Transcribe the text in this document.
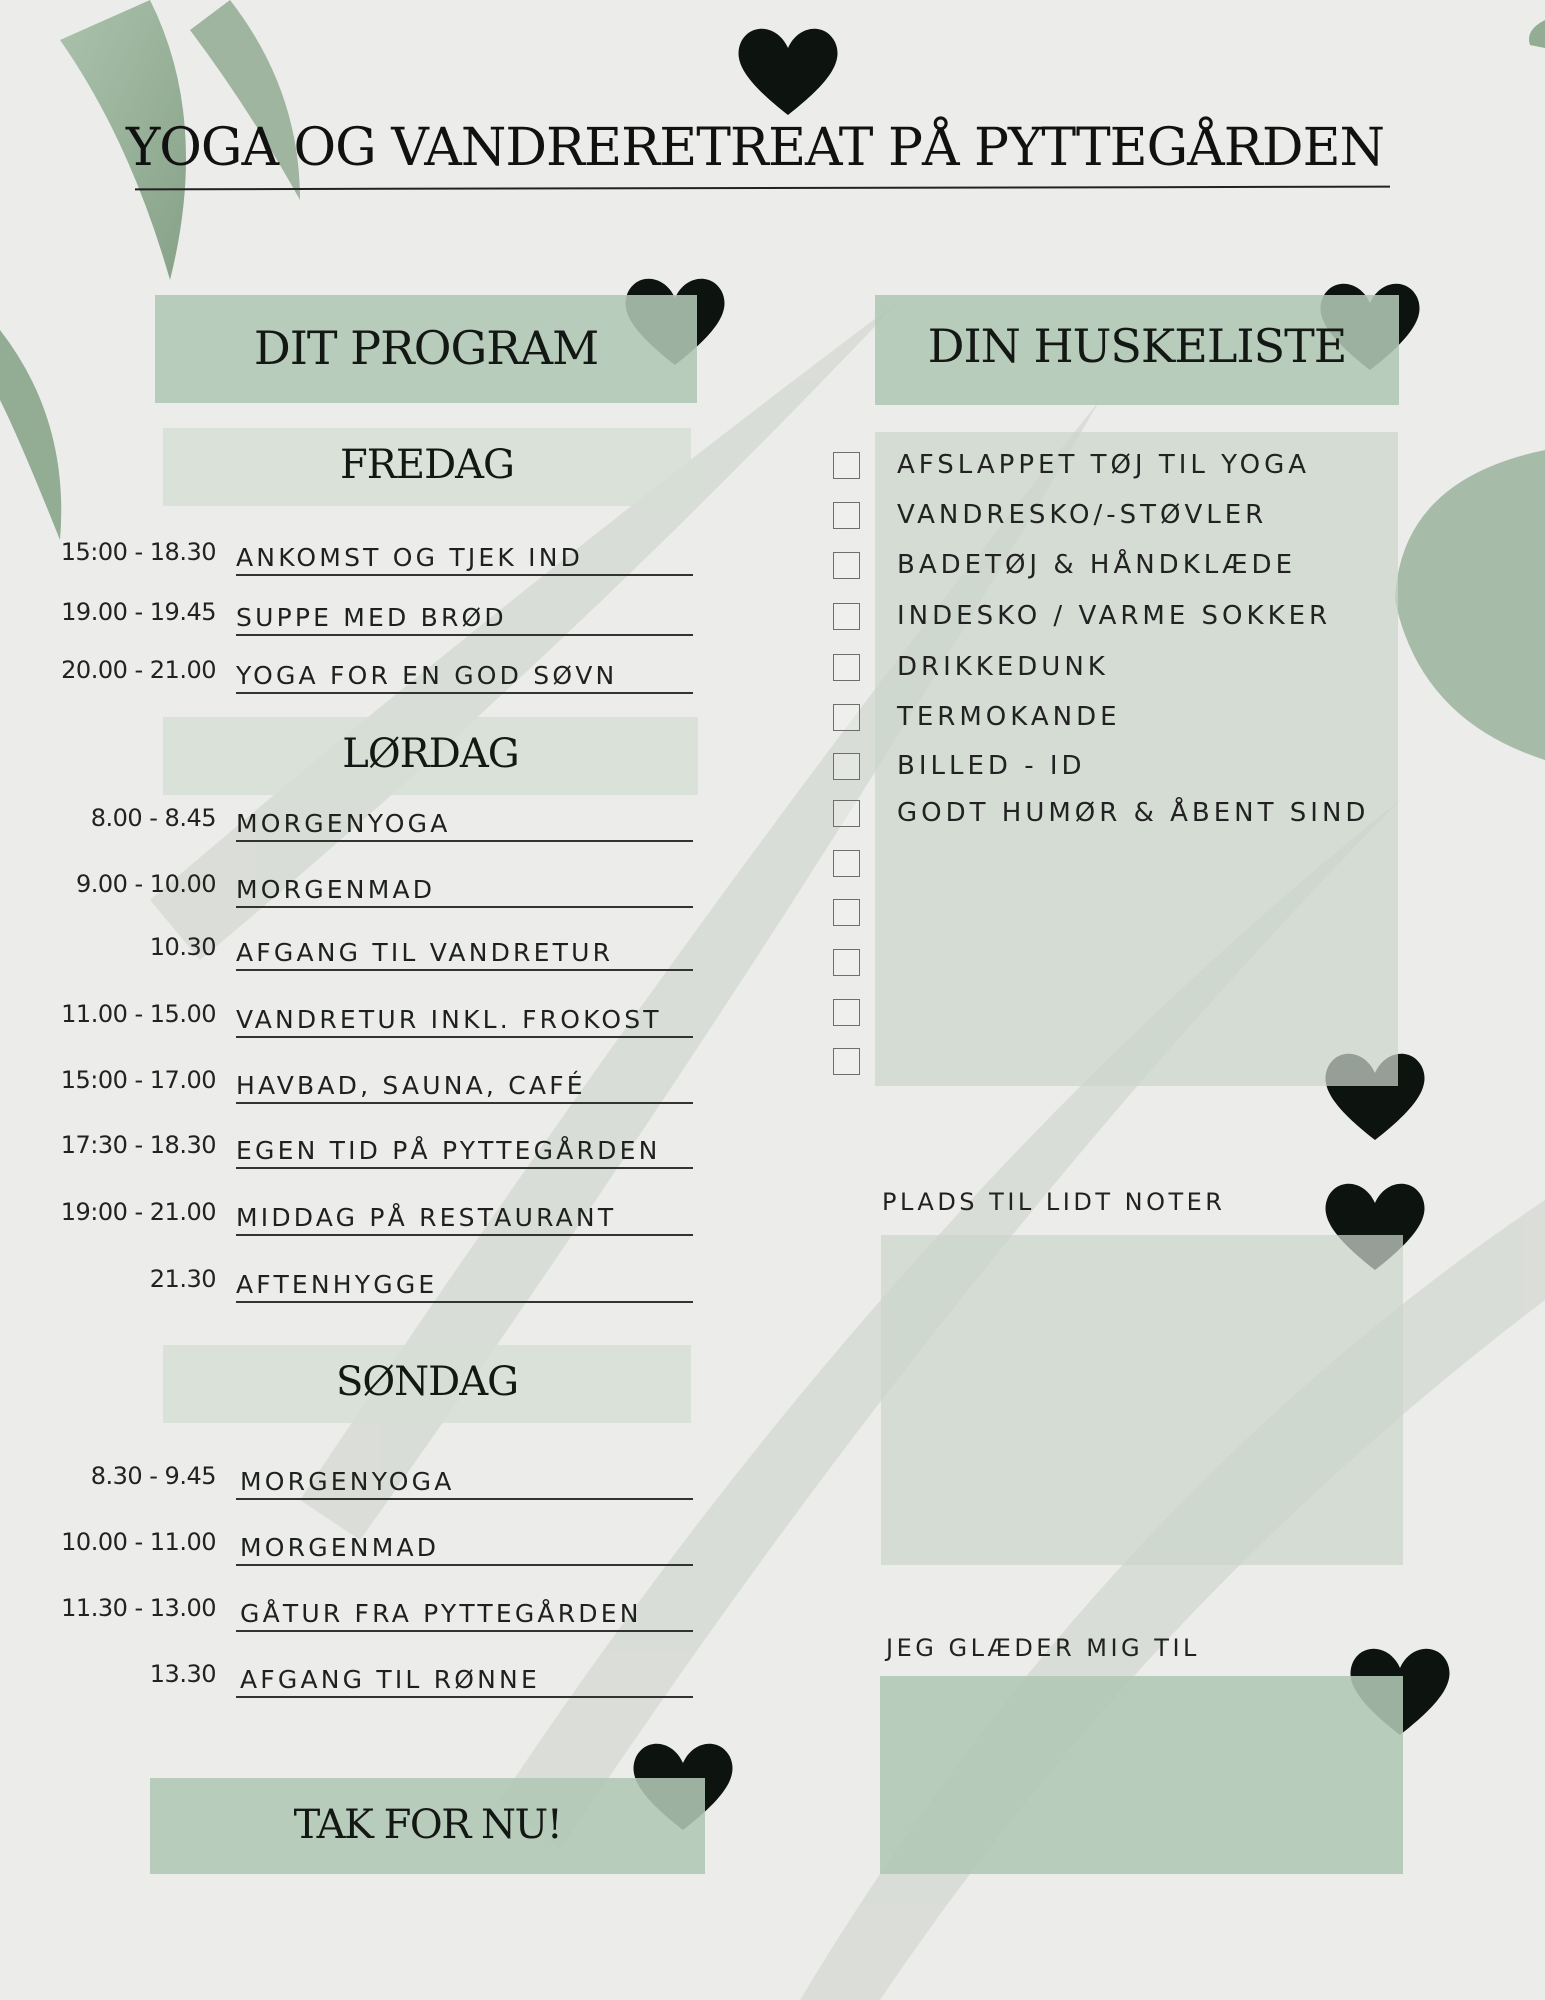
YOGA OG VANDRERETREAT PÅ PYTTEGÅRDEN
DIT PROGRAM
FREDAG
15:00 - 18.30 ANKOMST OG TJEK IND
19.00 - 19.45 SUPPE MED BRØD
20.00 - 21.00 YOGA FOR EN GOD SØVN
LØRDAG
8.00 - 8.45 MORGENYOGA
9.00 - 10.00 MORGENMAD
10.30 AFGANG TIL VANDRETUR
11.00 - 15.00 VANDRETUR INKL. FROKOST
15:00 - 17.00 HAVBAD, SAUNA, CAFÉ
17:30 - 18.30 EGEN TID PÅ PYTTEGÅRDEN
19:00 - 21.00 MIDDAG PÅ RESTAURANT
21.30 AFTENHYGGE
SØNDAG
8.30 - 9.45 MORGENYOGA
10.00 - 11.00 MORGENMAD
11.30 - 13.00 GÅTUR FRA PYTTEGÅRDEN
13.30 AFGANG TIL RØNNE
TAK FOR NU!
DIN HUSKELISTE
AFSLAPPET TØJ TIL YOGA
VANDRESKO/-STØVLER
BADETØJ & HÅNDKLÆDE
INDESKO / VARME SOKKER
DRIKKEDUNK
TERMOKANDE
BILLED - ID
GODT HUMØR & ÅBENT SIND
PLADS TIL LIDT NOTER
JEG GLÆDER MIG TIL
